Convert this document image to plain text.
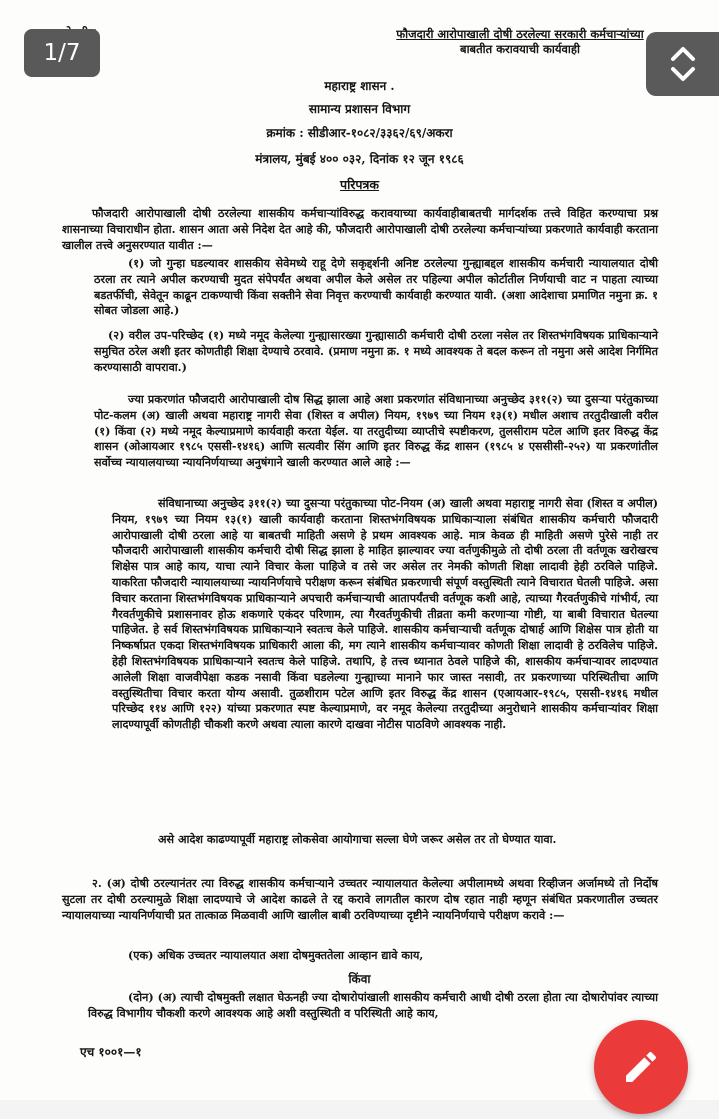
फौजदारी आरोपाखाली दोषी ठरलेल्या सरकारी कर्मचाऱ्यांच्या
बाबतीत करावयाची कार्यवाही
महाराष्ट्र शासन .
सामान्य प्रशासन विभाग
क्रमांक : सीडीआर-१०८२/३३६२/६९/अकरा
मंत्रालय, मुंबई ४०० ०३२, दिनांक १२ जून १९८६
परिपत्रक
फौजदारी आरोपाखाली दोषी ठरलेल्या शासकीय कर्मचाऱ्यांविरुद्ध करावयाच्या कार्यवाहीबाबतची मार्गदर्शक तत्त्वे विहित करण्याचा प्रश्न शासनाच्या विचाराधीन होता. शासन आता असे निदेश देत आहे की, फौजदारी आरोपाखाली दोषी ठरलेल्या कर्मचाऱ्यांच्या प्रकरणाते कार्यवाही करताना खालील तत्त्वे अनुसरण्यात यावीत :—
(१) जो गुन्हा घडल्यावर शासकीय सेवेमध्ये राहू देणे सकृद्दर्शनी अनिष्ट ठरलेल्या गुन्ह्याबद्दल शासकीय कर्मचारी न्यायालयात दोषी ठरला तर त्याने अपील करण्याची मुदत संपेपर्यंत अथवा अपील केले असेल तर पहिल्या अपील कोर्टातील निर्णयाची वाट न पाहता त्याच्या बडतर्फीची, सेवेतून काढून टाकण्याची किंवा सक्तीने सेवा निवृत्त करण्याची कार्यवाही करण्यात यावी. (अशा आदेशाचा प्रमाणित नमुना क्र. १ सोबत जोडला आहे.)
(२) वरील उप-परिच्छेद (१) मध्ये नमूद केलेल्या गुन्ह्यासारख्या गुन्ह्यासाठी कर्मचारी दोषी ठरला नसेल तर शिस्तभंगविषयक प्राधिकाऱ्याने समुचित ठरेल अशी इतर कोणतीही शिक्षा देण्याचे ठरवावे. (प्रमाण नमुना क्र. १ मध्ये आवश्यक ते बदल करून तो नमुना असे आदेश निर्गमित करण्यासाठी वापरावा.)
ज्या प्रकरणांत फौजदारी आरोपाखाली दोष सिद्ध झाला आहे अशा प्रकरणांत संविधानाच्या अनुच्छेद ३११(२) च्या दुसऱ्या परंतुकाच्या पोट-कलम (अ) खाली अथवा महाराष्ट्र नागरी सेवा (शिस्त व अपील) नियम, १९७९ च्या नियम १३(१) मधील अशाच तरतुदीखाली वरील (१) किंवा (२) मध्ये नमूद केल्याप्रमाणे कार्यवाही करता येईल. या तरतुदीच्या व्याप्तीचे स्पष्टीकरण, तुलसीराम पटेल आणि इतर विरुद्ध केंद्र शासन (ओआयआर १९८५ एससी-१४१६) आणि सत्यवीर सिंग आणि इतर विरुद्ध केंद्र शासन (१९८५ ४ एससीसी-२५२) या प्रकरणांतील सर्वोच्च न्यायालयाच्या न्यायनिर्णयाच्या अनुषंगाने खाली करण्यात आले आहे :—
संविधानाच्या अनुच्छेद ३११(२) च्या दुसऱ्या परंतुकाच्या पोट-नियम (अ) खाली अथवा महाराष्ट्र नागरी सेवा (शिस्त व अपील) नियम, १९७९ च्या नियम १३(१) खाली कार्यवाही करताना शिस्तभंगविषयक प्राधिकाऱ्याला संबंधित शासकीय कर्मचारी फौजदारी आरोपाखाली दोषी ठरला आहे या बाबतची माहिती असणे हे प्रथम आवश्यक आहे. मात्र केवळ ही माहिती असणे पुरेसे नाही तर फौजदारी आरोपाखाली शासकीय कर्मचारी दोषी सिद्ध झाला हे माहित झाल्यावर ज्या वर्तणुकीमुळे तो दोषी ठरला ती वर्तणूक खरोखरच शिक्षेस पात्र आहे काय, याचा त्याने विचार केला पाहिजे व तसे जर असेल तर नेमकी कोणती शिक्षा लादावी हेही ठरविले पाहिजे. याकरिता फौजदारी न्यायालयाच्या न्यायनिर्णयाचे परीक्षण करून संबंधित प्रकरणाची संपूर्ण वस्तुस्थिती त्याने विचारात घेतली पाहिजे. असा विचार करताना शिस्तभंगविषयक प्राधिकाऱ्याने अपचारी कर्मचाऱ्याची आतापर्यंतची वर्तणूक कशी आहे, त्याच्या गैरवर्तणुकीचे गांभीर्य, त्या गैरवर्तणुकीचे प्रशासनावर होऊ शकणारे एकंदर परिणाम, त्या गैरवर्तणुकीची तीव्रता कमी करणाऱ्या गोष्टी, या बाबी विचारात घेतल्या पाहिजेत. हे सर्व शिस्तभंगविषयक प्राधिकाऱ्याने स्वतःच केले पाहिजे. शासकीय कर्मचाऱ्याची वर्तणूक दोषार्ह आणि शिक्षेस पात्र होती या निष्कर्षाप्रत एकदा शिस्तभंगविषयक प्राधिकारी आला की, मग त्याने शासकीय कर्मचाऱ्यावर कोणती शिक्षा लादावी हे ठरविलेच पाहिजे. हेही शिस्तभंगविषयक प्राधिकाऱ्याने स्वतःच केले पाहिजे. तथापि, हे तत्त्व ध्यानात ठेवले पाहिजे की, शासकीय कर्मचाऱ्यावर लादण्यात आलेली शिक्षा वाजवीपेक्षा कडक नसावी किंवा घडलेल्या गुन्ह्याच्या मानाने फार जास्त नसावी, तर प्रकरणाच्या परिस्थितीचा आणि वस्तुस्थितीचा विचार करता योग्य असावी. तुळशीराम पटेल आणि इतर विरुद्ध केंद्र शासन (एआयआर-१९८५, एससी-१४१६ मधील परिच्छेद ११४ आणि १२२) यांच्या प्रकरणात स्पष्ट केल्याप्रमाणे, वर नमूद केलेल्या तरतुदीच्या अनुरोधाने शासकीय कर्मचाऱ्यांवर शिक्षा लादण्यापूर्वी कोणतीही चौकशी करणे अथवा त्याला कारणे दाखवा नोटीस पाठविणे आवश्यक नाही.
असे आदेश काढण्यापूर्वी महाराष्ट्र लोकसेवा आयोगाचा सल्ला घेणे जरूर असेल तर तो घेण्यात यावा.
२. (अ) दोषी ठरल्यानंतर त्या विरुद्ध शासकीय कर्मचाऱ्याने उच्चतर न्यायालयात केलेल्या अपीलामध्ये अथवा रिव्हीजन अर्जामध्ये तो निर्दोष सुटला तर दोषी ठरल्यामुळे शिक्षा लादण्याचे जे आदेश काढले ते रद्द करावे लागतील कारण दोष रहात नाही म्हणून संबंधित प्रकरणातील उच्चतर न्यायालयाच्या न्यायनिर्णयाची प्रत तात्काळ मिळवावी आणि खालील बाबी ठरविण्याच्या दृष्टीने न्यायनिर्णयाचे परीक्षण करावे :—
(एक) अधिक उच्चतर न्यायालयात अशा दोषमुक्ततेला आव्हान द्यावे काय,
किंवा
(दोन) (अ) त्याची दोषमुक्ती लक्षात घेऊनही ज्या दोषारोपांखाली शासकीय कर्मचारी आधी दोषी ठरला होता त्या दोषारोपांवर त्याच्या विरुद्ध विभागीय चौकशी करणे आवश्यक आहे अशी वस्तुस्थिती व परिस्थिती आहे काय,
एच १००१—१
1/7
